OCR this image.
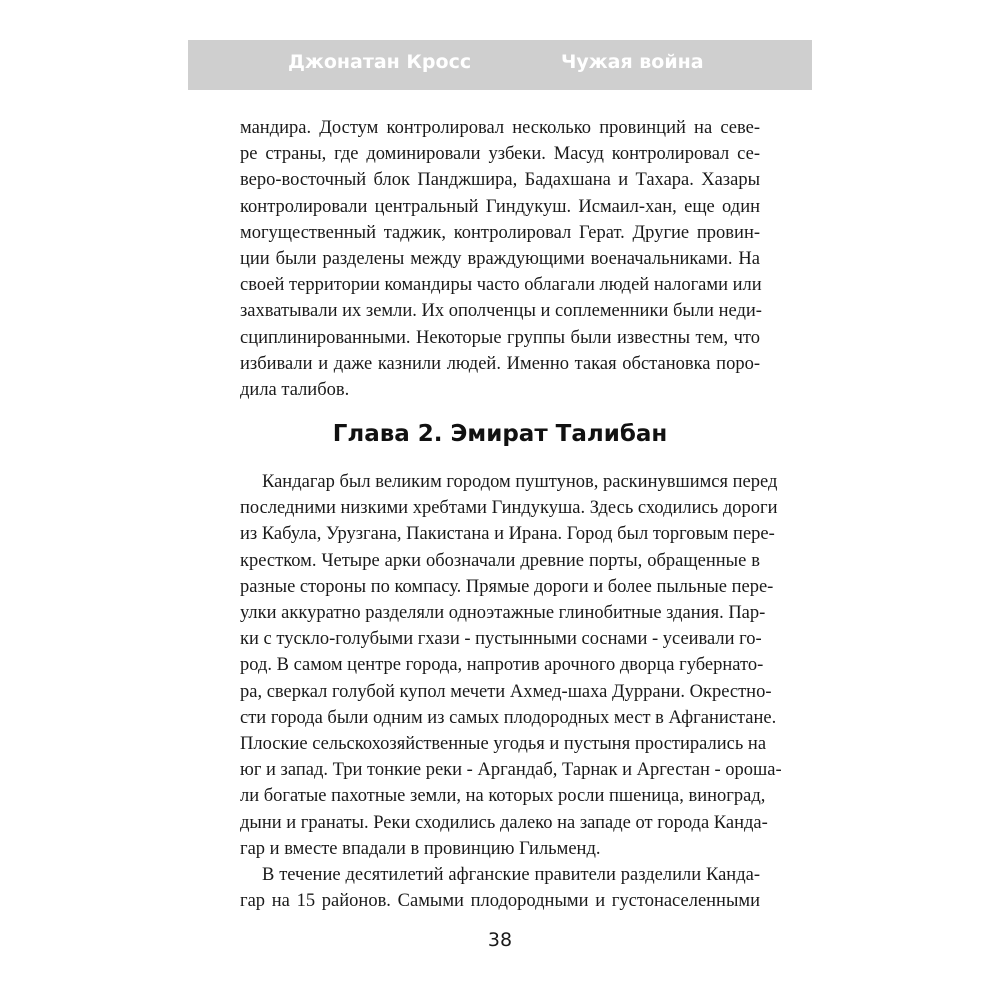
Джонатан Кросс	Чужая война
мандира. Достум контролировал несколько провинций на севе-
ре страны, где доминировали узбеки. Масуд контролировал се-
веро-восточный блок Панджшира, Бадахшана и Тахара. Хазары
контролировали центральный Гиндукуш. Исмаил-хан, еще один
могущественный таджик, контролировал Герат. Другие провин-
ции были разделены между враждующими военачальниками. На
своей территории командиры часто облагали людей налогами или
захватывали их земли. Их ополченцы и соплеменники были неди-
сциплинированными. Некоторые группы были известны тем, что
избивали и даже казнили людей. Именно такая обстановка поро-
дила талибов.
Глава 2. Эмират Талибан
Кандагар был великим городом пуштунов, раскинувшимся перед
последними низкими хребтами Гиндукуша. Здесь сходились дороги
из Кабула, Урузгана, Пакистана и Ирана. Город был торговым пере-
крестком. Четыре арки обозначали древние порты, обращенные в
разные стороны по компасу. Прямые дороги и более пыльные пере-
улки аккуратно разделяли одноэтажные глинобитные здания. Пар-
ки с тускло-голубыми гхази - пустынными соснами - усеивали го-
род. В самом центре города, напротив арочного дворца губернато-
ра, сверкал голубой купол мечети Ахмед-шаха Дуррани. Окрестно-
сти города были одним из самых плодородных мест в Афганистане.
Плоские сельскохозяйственные угодья и пустыня простирались на
юг и запад. Три тонкие реки - Аргандаб, Тарнак и Аргестан - ороша-
ли богатые пахотные земли, на которых росли пшеница, виноград,
дыни и гранаты. Реки сходились далеко на западе от города Канда-
гар и вместе впадали в провинцию Гильменд.
В течение десятилетий афганские правители разделили Канда-
гар на 15 районов. Самыми плодородными и густонаселенными
38
